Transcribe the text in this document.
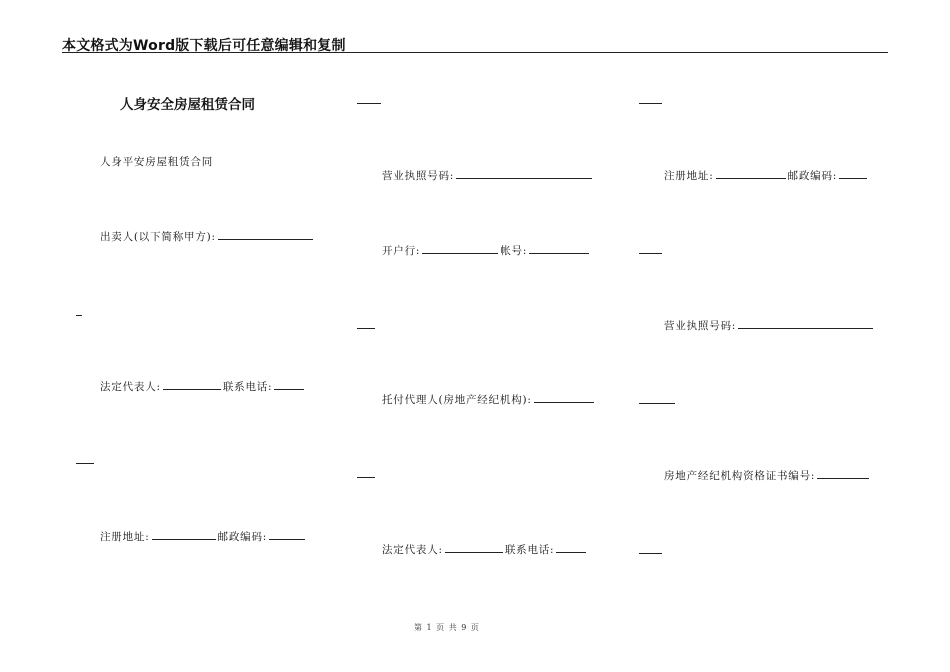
本文格式为Word版下载后可任意编辑和复制
人身安全房屋租赁合同
人身平安房屋租赁合同
出卖人(以下简称甲方):
法定代表人:	联系电话:
注册地址:	邮政编码:
营业执照号码:
开户行:	帐号:
托付代理人(房地产经纪机构):
法定代表人:	联系电话:
注册地址:	邮政编码:
营业执照号码:
房地产经纪机构资格证书编号:
第 1 页 共 9 页
